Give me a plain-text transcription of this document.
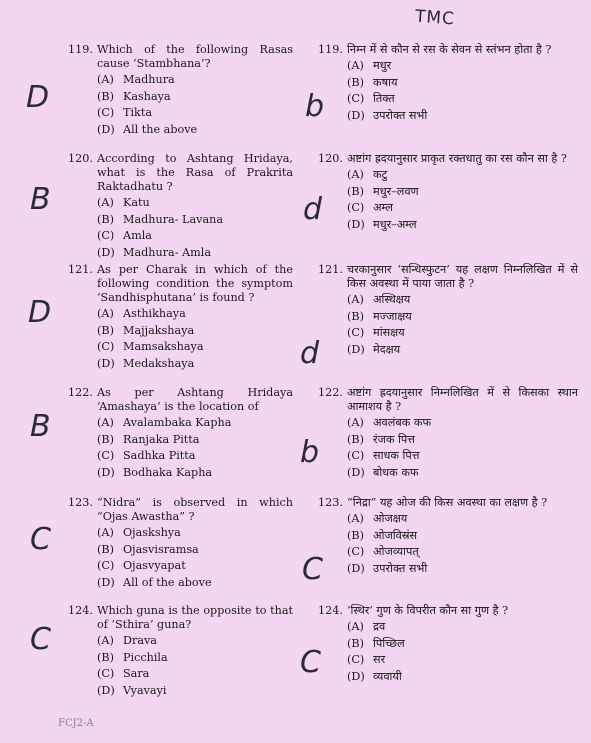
TMC
119. Which of the following Rasas cause ‘Stambhana’?
(A) Madhura
(B) Kashaya
(C) Tikta
(D) All the above
120. According to Ashtang Hridaya, what is the Rasa of Prakrita Raktadhatu ?
(A) Katu
(B) Madhura- Lavana
(C) Amla
(D) Madhura- Amla
121. As per Charak in which of the following condition the symptom ‘Sandhisphutana’ is found ?
(A) Asthikhaya
(B) Majjakshaya
(C) Mamsakshaya
(D) Medakshaya
122. As per Ashtang Hridaya ‘Amashaya’ is the location of
(A) Avalambaka Kapha
(B) Ranjaka Pitta
(C) Sadhka Pitta
(D) Bodhaka Kapha
123. “Nidra” is observed in which “Ojas Awastha” ?
(A) Ojaskshya
(B) Ojasvisramsa
(C) Ojasvyapat
(D) All of the above
124. Which guna is the opposite to that of ‘Sthira’ guna?
(A) Drava
(B) Picchila
(C) Sara
(D) Vyavayi
119. निम्न में से कौन से रस के सेवन से स्तंभन होता है ?
(A) मधुर
(B) कषाय
(C) तिक्त
(D) उपरोक्त सभी
120. अष्टांग ह्रदयानुसार प्राकृत रक्तधातु का रस कौन सा है ?
(A) कटु
(B) मधुर–लवण
(C) अम्ल
(D) मधुर–अम्ल
121. चरकानुसार ‘सन्धिस्फुटन’ यह लक्षण निम्नलिखित में से किस अवस्था में पाया जाता है ?
(A) अस्थिक्षय
(B) मज्जाक्षय
(C) मांसक्षय
(D) मेदक्षय
122. अष्टांग ह्रदयानुसार निम्नलिखित में से किसका स्थान आमाशय है ?
(A) अवलंबक कफ
(B) रंजक पित्त
(C) साधक पित्त
(D) बोधक कफ
123. “निद्रा” यह ओज की किस अवस्था का लक्षण है ?
(A) ओजक्षय
(B) ओजविस्रंस
(C) ओजव्यापत्
(D) उपरोक्त सभी
124. ‘स्थिर’ गुण के विपरीत कौन सा गुण है ?
(A) द्रव
(B) पिच्छिल
(C) सर
(D) व्यवायी
FCJ2-A
D
B
D
B
C
C
b
d
d
b
C
C
